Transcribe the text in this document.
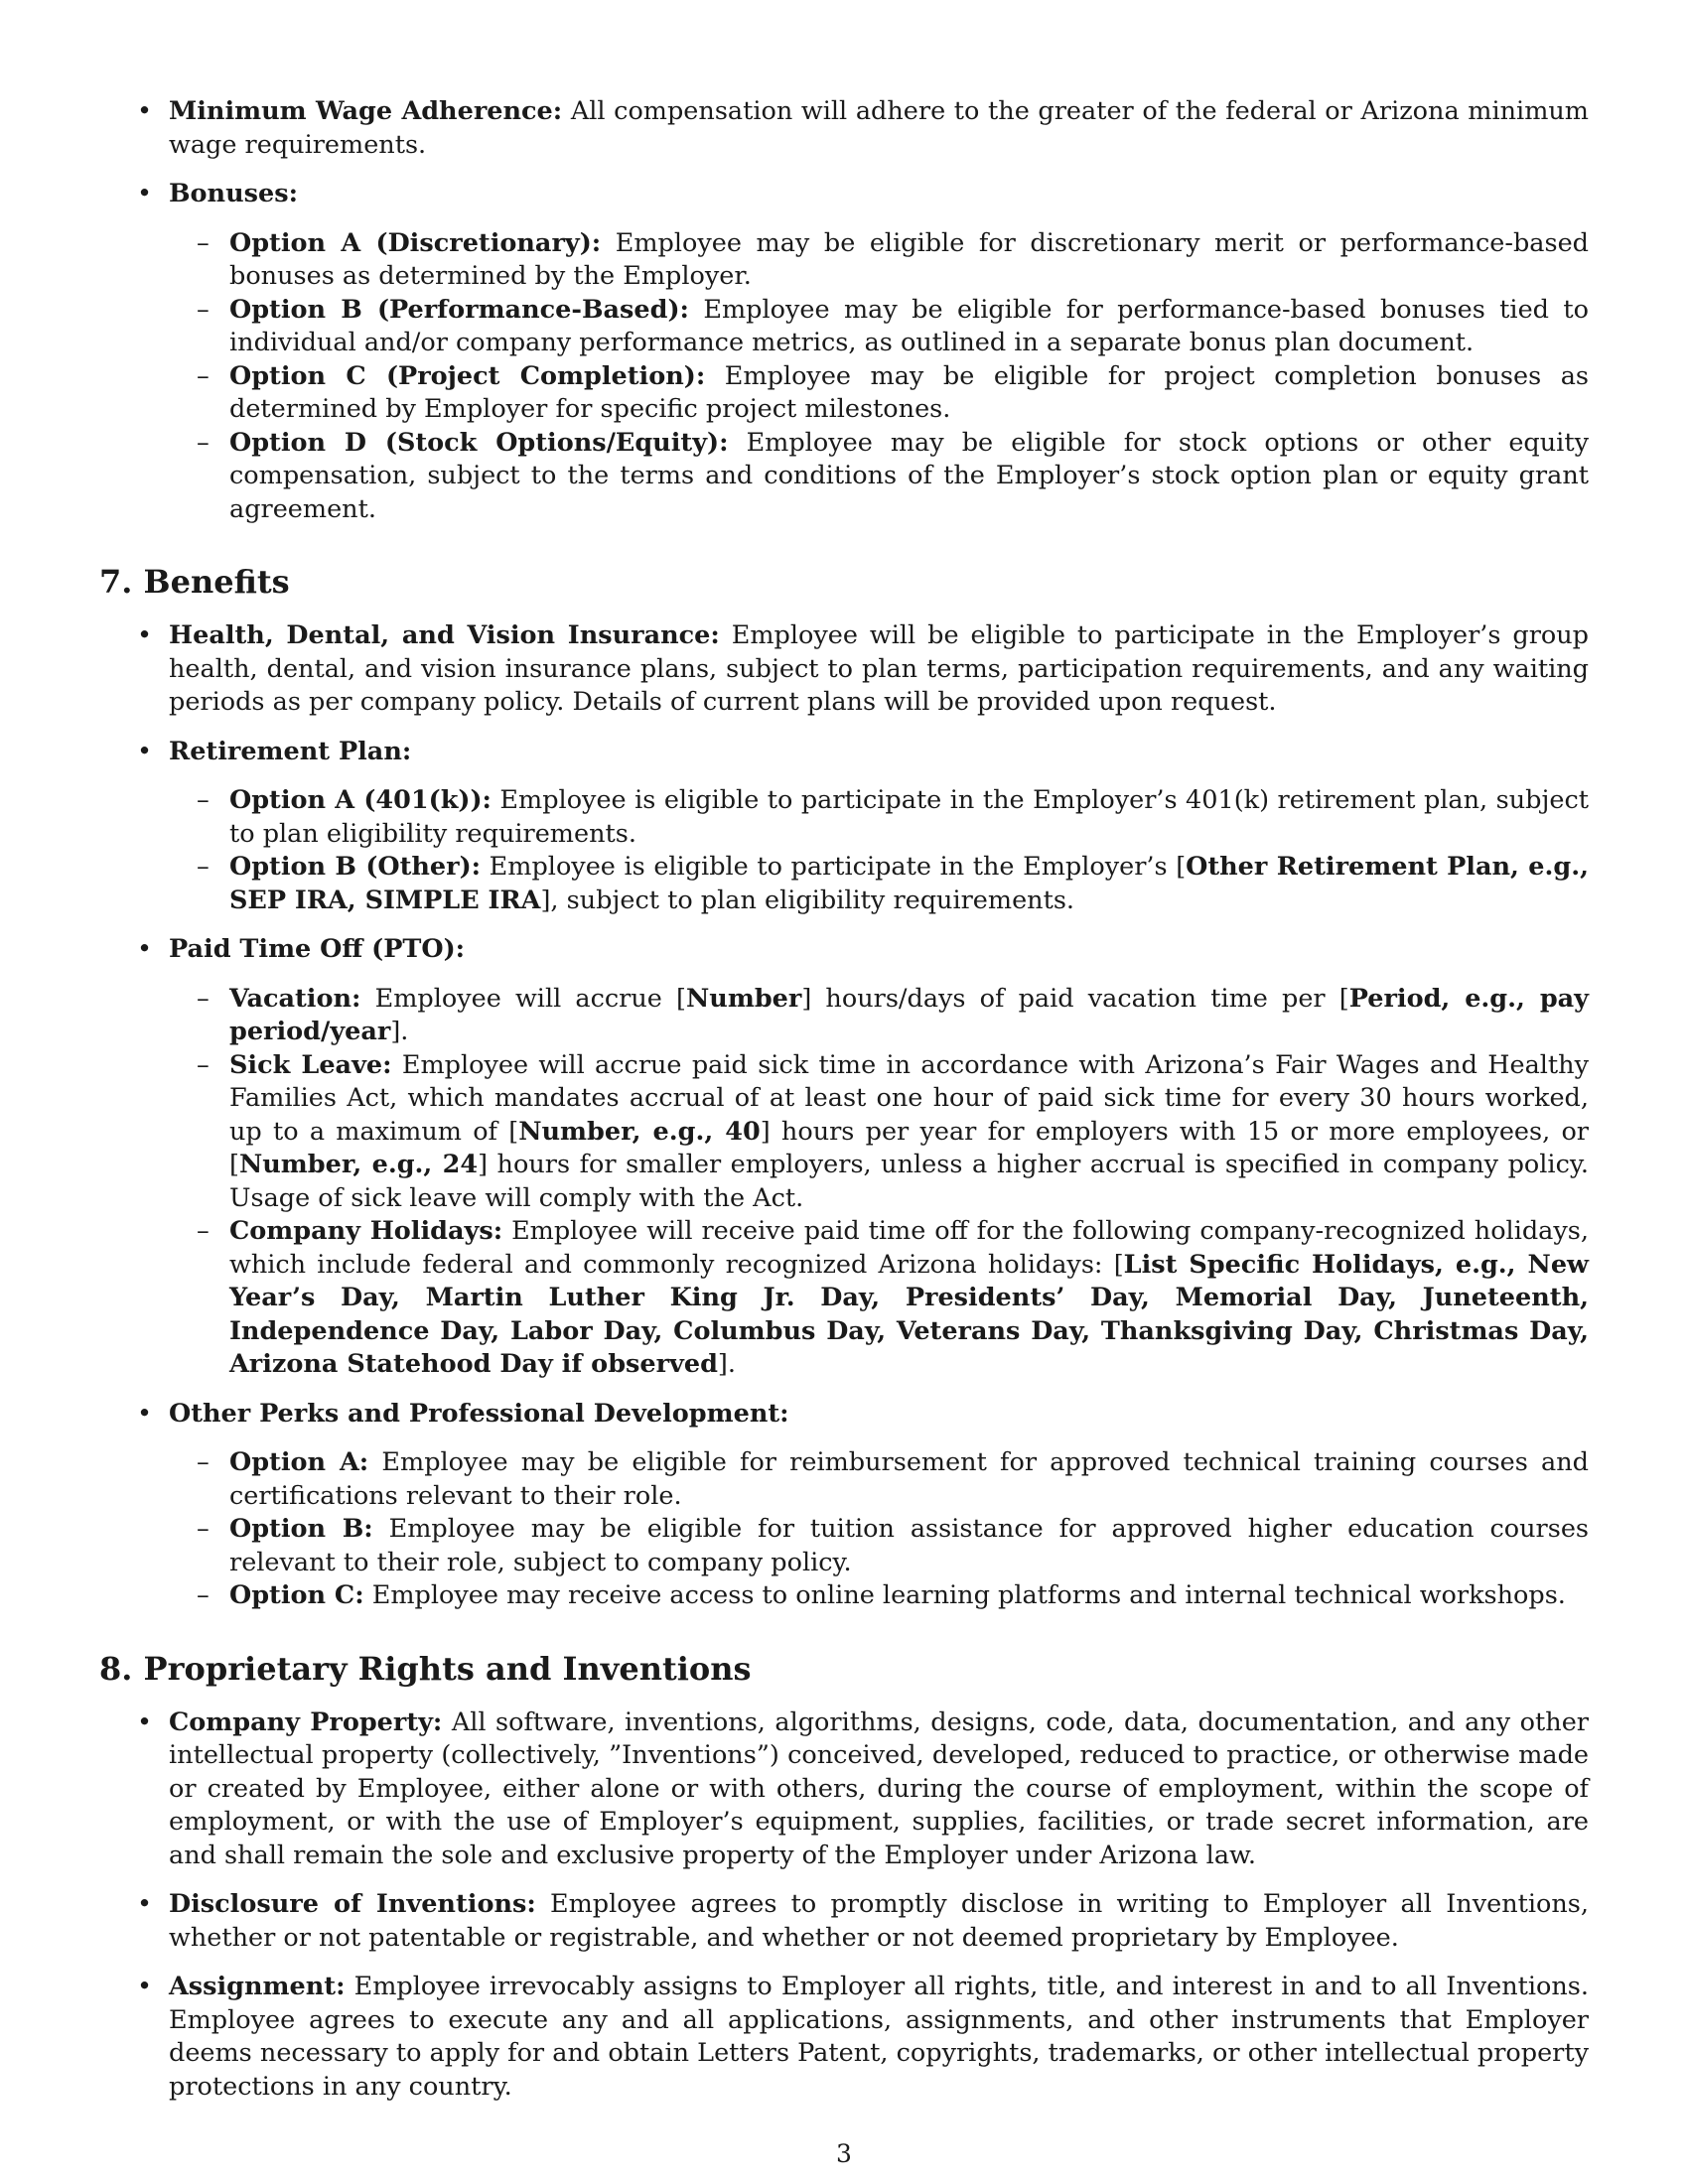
• Minimum Wage Adherence: All compensation will adhere to the greater of the federal or Arizona minimum wage requirements.
• Bonuses:
– Option A (Discretionary): Employee may be eligible for discretionary merit or performance-based bonuses as determined by the Employer.
– Option B (Performance-Based): Employee may be eligible for performance-based bonuses tied to individual and/or company performance metrics, as outlined in a separate bonus plan document.
– Option C (Project Completion): Employee may be eligible for project completion bonuses as determined by Employer for specific project milestones.
– Option D (Stock Options/Equity): Employee may be eligible for stock options or other equity compensation, subject to the terms and conditions of the Employer’s stock option plan or equity grant agreement.
7. Benefits
• Health, Dental, and Vision Insurance: Employee will be eligible to participate in the Employer’s group health, dental, and vision insurance plans, subject to plan terms, participation requirements, and any waiting periods as per company policy. Details of current plans will be provided upon request.
• Retirement Plan:
– Option A (401(k)): Employee is eligible to participate in the Employer’s 401(k) retirement plan, subject to plan eligibility requirements.
– Option B (Other): Employee is eligible to participate in the Employer’s [Other Retirement Plan, e.g., SEP IRA, SIMPLE IRA], subject to plan eligibility requirements.
• Paid Time Off (PTO):
– Vacation: Employee will accrue [Number] hours/days of paid vacation time per [Period, e.g., pay period/year].
– Sick Leave: Employee will accrue paid sick time in accordance with Arizona’s Fair Wages and Healthy Families Act, which mandates accrual of at least one hour of paid sick time for every 30 hours worked, up to a maximum of [Number, e.g., 40] hours per year for employers with 15 or more employees, or [Number, e.g., 24] hours for smaller employers, unless a higher accrual is specified in company policy. Usage of sick leave will comply with the Act.
– Company Holidays: Employee will receive paid time off for the following company-recognized holidays, which include federal and commonly recognized Arizona holidays: [List Specific Holidays, e.g., New Year’s Day, Martin Luther King Jr. Day, Presidents’ Day, Memorial Day, Juneteenth, Independence Day, Labor Day, Columbus Day, Veterans Day, Thanksgiving Day, Christmas Day, Arizona Statehood Day if observed].
• Other Perks and Professional Development:
– Option A: Employee may be eligible for reimbursement for approved technical training courses and certifications relevant to their role.
– Option B: Employee may be eligible for tuition assistance for approved higher education courses relevant to their role, subject to company policy.
– Option C: Employee may receive access to online learning platforms and internal technical workshops.
8. Proprietary Rights and Inventions
• Company Property: All software, inventions, algorithms, designs, code, data, documentation, and any other intellectual property (collectively, ”Inventions”) conceived, developed, reduced to practice, or otherwise made or created by Employee, either alone or with others, during the course of employment, within the scope of employment, or with the use of Employer’s equipment, supplies, facilities, or trade secret information, are and shall remain the sole and exclusive property of the Employer under Arizona law.
• Disclosure of Inventions: Employee agrees to promptly disclose in writing to Employer all Inventions, whether or not patentable or registrable, and whether or not deemed proprietary by Employee.
• Assignment: Employee irrevocably assigns to Employer all rights, title, and interest in and to all Inventions. Employee agrees to execute any and all applications, assignments, and other instruments that Employer deems necessary to apply for and obtain Letters Patent, copyrights, trademarks, or other intellectual property protections in any country.
3
